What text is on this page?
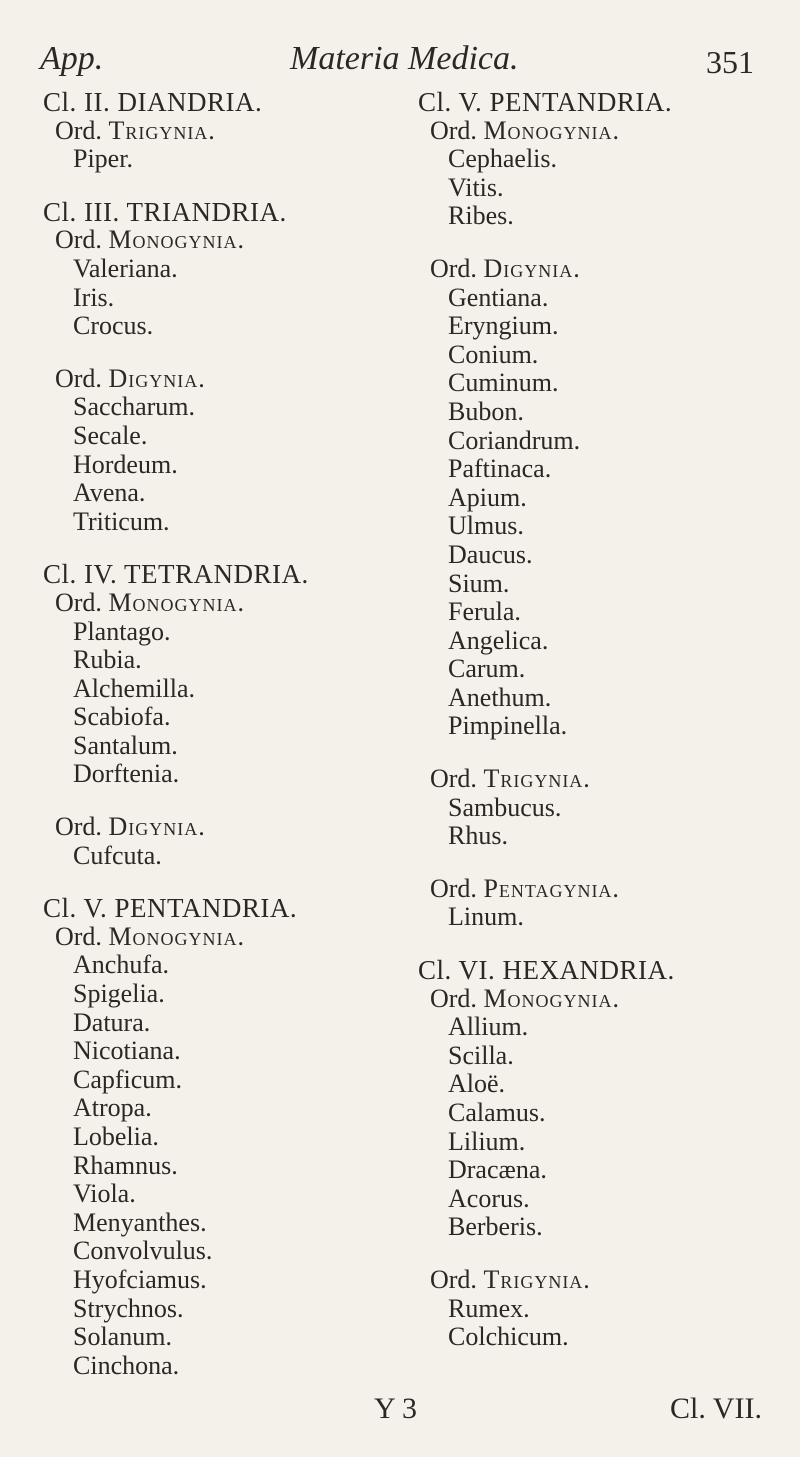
App.	Materia Medica.	351
Cl. II. DIANDRIA.
Ord. Trigynia.
Piper.
Cl. III. TRIANDRIA.
Ord. Monogynia.
Valeriana.
Iris.
Crocus.
Ord. Digynia.
Saccharum.
Secale.
Hordeum.
Avena.
Triticum.
Cl. IV. TETRANDRIA.
Ord. Monogynia.
Plantago.
Rubia.
Alchemilla.
Scabiofa.
Santalum.
Dorftenia.
Ord. Digynia.
Cufcuta.
Cl. V. PENTANDRIA.
Ord. Monogynia.
Anchufa.
Spigelia.
Datura.
Nicotiana.
Capficum.
Atropa.
Lobelia.
Rhamnus.
Viola.
Menyanthes.
Convolvulus.
Hyofciamus.
Strychnos.
Solanum.
Cinchona.
Cl. V. PENTANDRIA.
Ord. Monogynia.
Cephaelis.
Vitis.
Ribes.
Ord. Digynia.
Gentiana.
Eryngium.
Conium.
Cuminum.
Bubon.
Coriandrum.
Paftinaca.
Apium.
Ulmus.
Daucus.
Sium.
Ferula.
Angelica.
Carum.
Anethum.
Pimpinella.
Ord. Trigynia.
Sambucus.
Rhus.
Ord. Pentagynia.
Linum.
Cl. VI. HEXANDRIA.
Ord. Monogynia.
Allium.
Scilla.
Aloë.
Calamus.
Lilium.
Dracæna.
Acorus.
Berberis.
Ord. Trigynia.
Rumex.
Colchicum.
Y 3	Cl. VII.
